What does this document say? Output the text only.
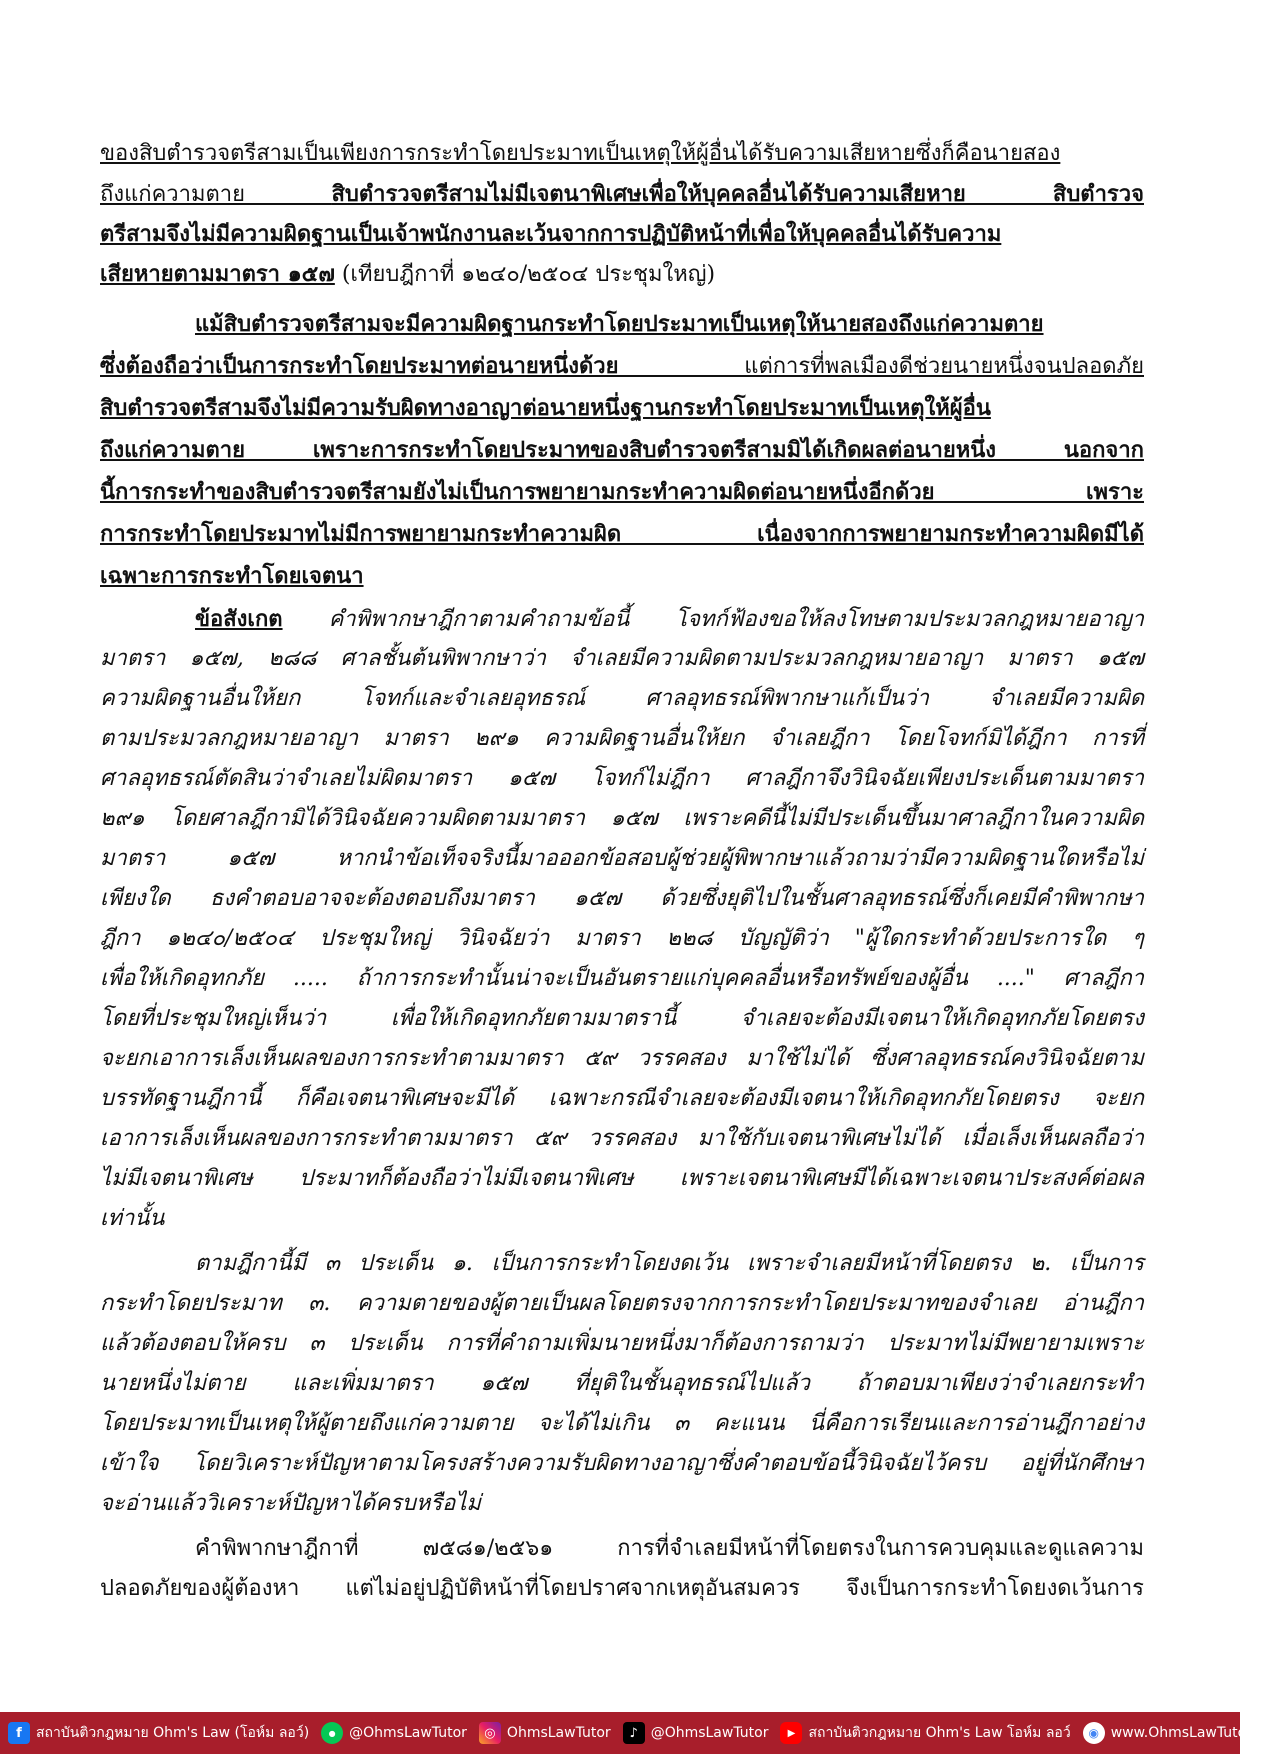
ของสิบตำรวจตรีสามเป็นเพียงการกระทำโดยประมาทเป็นเหตุให้ผู้อื่นได้รับความเสียหายซึ่งก็คือนายสอง
ถึงแก่ความตาย สิบตำรวจตรีสามไม่มีเจตนาพิเศษเพื่อให้บุคคลอื่นได้รับความเสียหาย สิบตำรวจ
ตรีสามจึงไม่มีความผิดฐานเป็นเจ้าพนักงานละเว้นจากการปฏิบัติหน้าที่เพื่อให้บุคคลอื่นได้รับความ
เสียหายตามมาตรา ๑๕๗ (เทียบฎีกาที่ ๑๒๔๐/๒๕๐๔ ประชุมใหญ่)
แม้สิบตำรวจตรีสามจะมีความผิดฐานกระทำโดยประมาทเป็นเหตุให้นายสองถึงแก่ความตาย
ซึ่งต้องถือว่าเป็นการกระทำโดยประมาทต่อนายหนึ่งด้วย แต่การที่พลเมืองดีช่วยนายหนึ่งจนปลอดภัย
สิบตำรวจตรีสามจึงไม่มีความรับผิดทางอาญาต่อนายหนึ่งฐานกระทำโดยประมาทเป็นเหตุให้ผู้อื่น
ถึงแก่ความตาย เพราะการกระทำโดยประมาทของสิบตำรวจตรีสามมิได้เกิดผลต่อนายหนึ่ง นอกจาก
นี้การกระทำของสิบตำรวจตรีสามยังไม่เป็นการพยายามกระทำความผิดต่อนายหนึ่งอีกด้วย เพราะ
การกระทำโดยประมาทไม่มีการพยายามกระทำความผิด เนื่องจากการพยายามกระทำความผิดมีได้
เฉพาะการกระทำโดยเจตนา
ข้อสังเกต คำพิพากษาฎีกาตามคำถามข้อนี้ โจทก์ฟ้องขอให้ลงโทษตามประมวลกฎหมายอาญา
มาตรา ๑๕๗, ๒๘๘ ศาลชั้นต้นพิพากษาว่า จำเลยมีความผิดตามประมวลกฎหมายอาญา มาตรา ๑๕๗
ความผิดฐานอื่นให้ยก โจทก์และจำเลยอุทธรณ์ ศาลอุทธรณ์พิพากษาแก้เป็นว่า จำเลยมีความผิด
ตามประมวลกฎหมายอาญา มาตรา ๒๙๑ ความผิดฐานอื่นให้ยก จำเลยฎีกา โดยโจทก์มิได้ฎีกา การที่
ศาลอุทธรณ์ตัดสินว่าจำเลยไม่ผิดมาตรา ๑๕๗ โจทก์ไม่ฎีกา ศาลฎีกาจึงวินิจฉัยเพียงประเด็นตามมาตรา
๒๙๑ โดยศาลฎีกามิได้วินิจฉัยความผิดตามมาตรา ๑๕๗ เพราะคดีนี้ไม่มีประเด็นขึ้นมาศาลฎีกาในความผิด
มาตรา ๑๕๗ หากนำข้อเท็จจริงนี้มาอออกข้อสอบผู้ช่วยผู้พิพากษาแล้วถามว่ามีความผิดฐานใดหรือไม่
เพียงใด ธงคำตอบอาจจะต้องตอบถึงมาตรา ๑๕๗ ด้วยซึ่งยุติไปในชั้นศาลอุทธรณ์ซึ่งก็เคยมีคำพิพากษา
ฎีกา ๑๒๔๐/๒๕๐๔ ประชุมใหญ่ วินิจฉัยว่า มาตรา ๒๒๘ บัญญัติว่า "ผู้ใดกระทำด้วยประการใด ๆ
เพื่อให้เกิดอุทกภัย ..... ถ้าการกระทำนั้นน่าจะเป็นอันตรายแก่บุคคลอื่นหรือทรัพย์ของผู้อื่น ...." ศาลฎีกา
โดยที่ประชุมใหญ่เห็นว่า เพื่อให้เกิดอุทกภัยตามมาตรานี้ จำเลยจะต้องมีเจตนาให้เกิดอุทกภัยโดยตรง
จะยกเอาการเล็งเห็นผลของการกระทำตามมาตรา ๕๙ วรรคสอง มาใช้ไม่ได้ ซึ่งศาลอุทธรณ์คงวินิจฉัยตาม
บรรทัดฐานฎีกานี้ ก็คือเจตนาพิเศษจะมีได้ เฉพาะกรณีจำเลยจะต้องมีเจตนาให้เกิดอุทกภัยโดยตรง จะยก
เอาการเล็งเห็นผลของการกระทำตามมาตรา ๕๙ วรรคสอง มาใช้กับเจตนาพิเศษไม่ได้ เมื่อเล็งเห็นผลถือว่า
ไม่มีเจตนาพิเศษ ประมาทก็ต้องถือว่าไม่มีเจตนาพิเศษ เพราะเจตนาพิเศษมีได้เฉพาะเจตนาประสงค์ต่อผล
เท่านั้น
ตามฎีกานี้มี ๓ ประเด็น ๑. เป็นการกระทำโดยงดเว้น เพราะจำเลยมีหน้าที่โดยตรง ๒. เป็นการ
กระทำโดยประมาท ๓. ความตายของผู้ตายเป็นผลโดยตรงจากการกระทำโดยประมาทของจำเลย อ่านฎีกา
แล้วต้องตอบให้ครบ ๓ ประเด็น การที่คำถามเพิ่มนายหนึ่งมาก็ต้องการถามว่า ประมาทไม่มีพยายามเพราะ
นายหนึ่งไม่ตาย และเพิ่มมาตรา ๑๕๗ ที่ยุติในชั้นอุทธรณ์ไปแล้ว ถ้าตอบมาเพียงว่าจำเลยกระทำ
โดยประมาทเป็นเหตุให้ผู้ตายถึงแก่ความตาย จะได้ไม่เกิน ๓ คะแนน นี่คือการเรียนและการอ่านฎีกาอย่าง
เข้าใจ โดยวิเคราะห์ปัญหาตามโครงสร้างความรับผิดทางอาญาซึ่งคำตอบข้อนี้วินิจฉัยไว้ครบ อยู่ที่นักศึกษา
จะอ่านแล้ววิเคราะห์ปัญหาได้ครบหรือไม่
คำพิพากษาฎีกาที่ ๗๕๘๑/๒๕๖๑ การที่จำเลยมีหน้าที่โดยตรงในการควบคุมและดูแลความ
ปลอดภัยของผู้ต้องหา แต่ไม่อยู่ปฏิบัติหน้าที่โดยปราศจากเหตุอันสมควร จึงเป็นการกระทำโดยงดเว้นการ
f	สถาบันติวกฎหมาย Ohm's Law (โอห์ม ลอว์)	● @OhmsLawTutor	◎ OhmsLawTutor	♪ @OhmsLawTutor	▶ สถาบันติวกฎหมาย Ohm's Law โอห์ม ลอว์	◉ www.OhmsLawTutor.com
